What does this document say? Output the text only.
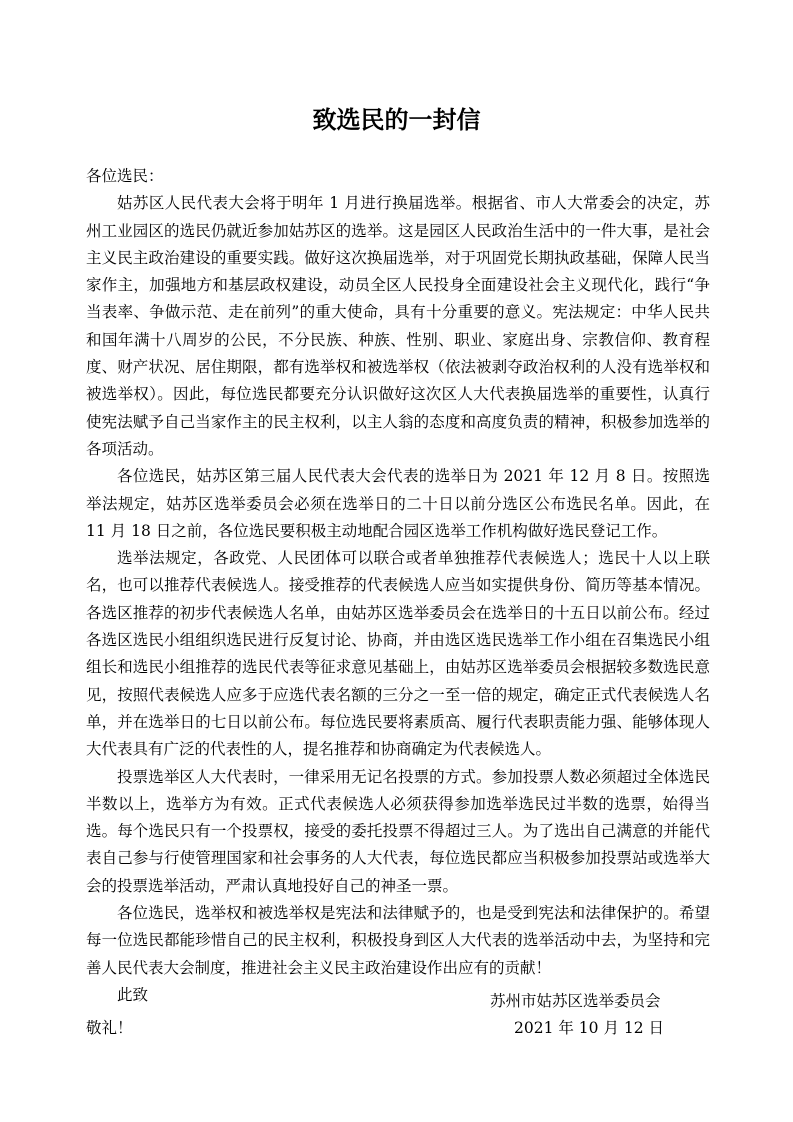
致选民的一封信

各位选民：

姑苏区人民代表大会将于明年 1 月进行换届选举。根据省、市人大常委会的决定，苏州工业园区的选民仍就近参加姑苏区的选举。这是园区人民政治生活中的一件大事，是社会主义民主政治建设的重要实践。做好这次换届选举，对于巩固党长期执政基础，保障人民当家作主，加强地方和基层政权建设，动员全区人民投身全面建设社会主义现代化，践行“争当表率、争做示范、走在前列”的重大使命，具有十分重要的意义。宪法规定：中华人民共和国年满十八周岁的公民，不分民族、种族、性别、职业、家庭出身、宗教信仰、教育程度、财产状况、居住期限，都有选举权和被选举权（依法被剥夺政治权利的人没有选举权和被选举权）。因此，每位选民都要充分认识做好这次区人大代表换届选举的重要性，认真行使宪法赋予自己当家作主的民主权利，以主人翁的态度和高度负责的精神，积极参加选举的各项活动。

各位选民，姑苏区第三届人民代表大会代表的选举日为 2021 年 12 月 8 日。按照选举法规定，姑苏区选举委员会必须在选举日的二十日以前分选区公布选民名单。因此，在 11 月 18 日之前，各位选民要积极主动地配合园区选举工作机构做好选民登记工作。

选举法规定，各政党、人民团体可以联合或者单独推荐代表候选人；选民十人以上联名，也可以推荐代表候选人。接受推荐的代表候选人应当如实提供身份、简历等基本情况。各选区推荐的初步代表候选人名单，由姑苏区选举委员会在选举日的十五日以前公布。经过各选区选民小组组织选民进行反复讨论、协商，并由选区选民选举工作小组在召集选民小组组长和选民小组推荐的选民代表等征求意见基础上，由姑苏区选举委员会根据较多数选民意见，按照代表候选人应多于应选代表名额的三分之一至一倍的规定，确定正式代表候选人名单，并在选举日的七日以前公布。每位选民要将素质高、履行代表职责能力强、能够体现人大代表具有广泛的代表性的人，提名推荐和协商确定为代表候选人。

投票选举区人大代表时，一律采用无记名投票的方式。参加投票人数必须超过全体选民半数以上，选举方为有效。正式代表候选人必须获得参加选举选民过半数的选票，始得当选。每个选民只有一个投票权，接受的委托投票不得超过三人。为了选出自己满意的并能代表自己参与行使管理国家和社会事务的人大代表，每位选民都应当积极参加投票站或选举大会的投票选举活动，严肃认真地投好自己的神圣一票。

各位选民，选举权和被选举权是宪法和法律赋予的，也是受到宪法和法律保护的。希望每一位选民都能珍惜自己的民主权利，积极投身到区人大代表的选举活动中去，为坚持和完善人民代表大会制度，推进社会主义民主政治建设作出应有的贡献！

此致

敬礼！
苏州市姑苏区选举委员会
2021 年 10 月 12 日
